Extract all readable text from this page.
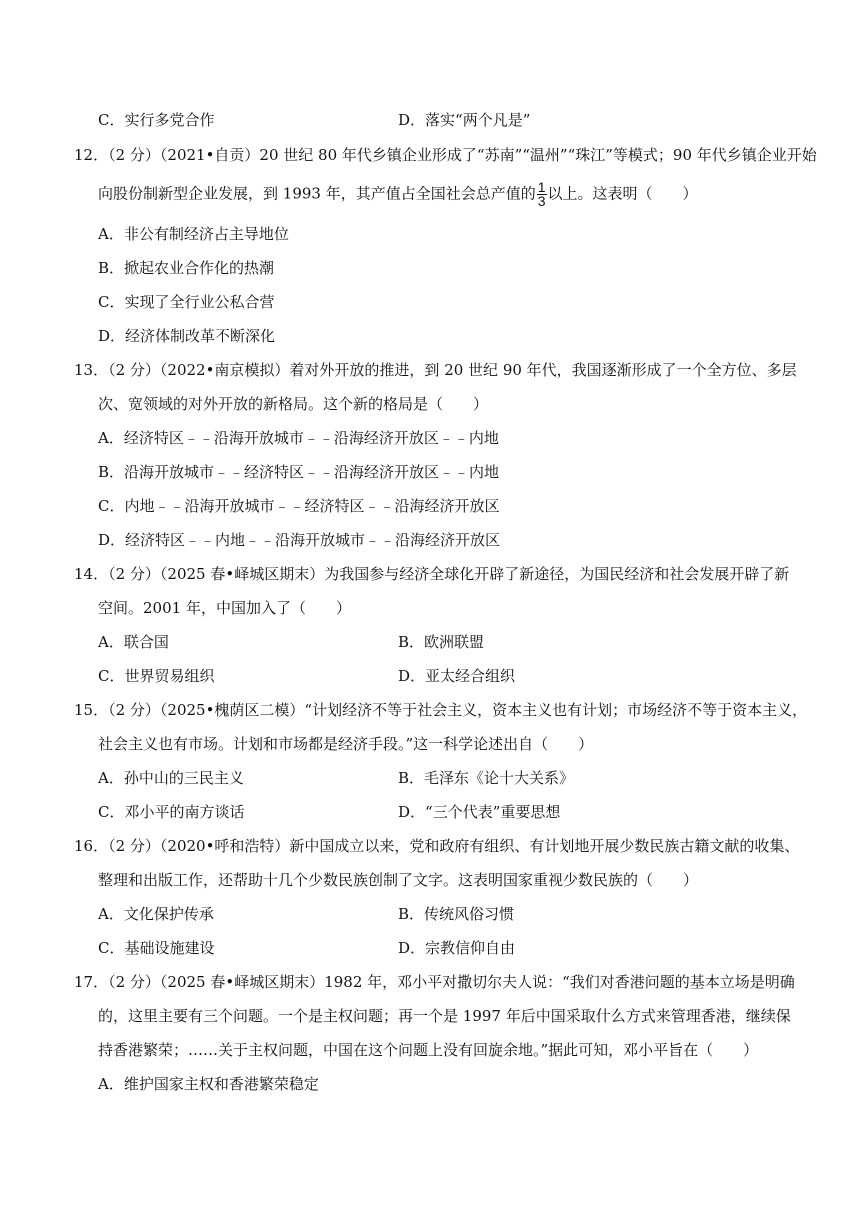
C．实行多党合作	D．落实“两个凡是”
12．（2 分）（2021•自贡）20 世纪 80 年代乡镇企业形成了“苏南”“温州”“珠江”等模式；90 年代乡镇企业开始
向股份制新型企业发展，到 1993 年，其产值占全国社会总产值的 $\frac{1}{3}$ 以上。这表明（　　）
A．非公有制经济占主导地位
B．掀起农业合作化的热潮
C．实现了全行业公私合营
D．经济体制改革不断深化
13．（2 分）（2022•南京模拟）着对外开放的推进，到 20 世纪 90 年代，我国逐渐形成了一个全方位、多层
次、宽领域的对外开放的新格局。这个新的格局是（　　）
A．经济特区﹣﹣沿海开放城市﹣﹣沿海经济开放区﹣﹣内地
B．沿海开放城市﹣﹣经济特区﹣﹣沿海经济开放区﹣﹣内地
C．内地﹣﹣沿海开放城市﹣﹣经济特区﹣﹣沿海经济开放区
D．经济特区﹣﹣内地﹣﹣沿海开放城市﹣﹣沿海经济开放区
14．（2 分）（2025 春•峄城区期末）为我国参与经济全球化开辟了新途径，为国民经济和社会发展开辟了新
空间。2001 年，中国加入了（　　）
A．联合国	B．欧洲联盟
C．世界贸易组织	D．亚太经合组织
15．（2 分）（2025•槐荫区二模）“计划经济不等于社会主义，资本主义也有计划；市场经济不等于资本主义，
社会主义也有市场。计划和市场都是经济手段。”这一科学论述出自（　　）
A．孙中山的三民主义	B．毛泽东《论十大关系》
C．邓小平的南方谈话	D．“三个代表”重要思想
16．（2 分）（2020•呼和浩特）新中国成立以来，党和政府有组织、有计划地开展少数民族古籍文献的收集、
整理和出版工作，还帮助十几个少数民族创制了文字。这表明国家重视少数民族的（　　）
A．文化保护传承	B．传统风俗习惯
C．基础设施建设	D．宗教信仰自由
17．（2 分）（2025 春•峄城区期末）1982 年，邓小平对撒切尔夫人说：“我们对香港问题的基本立场是明确
的，这里主要有三个问题。一个是主权问题；再一个是 1997 年后中国采取什么方式来管理香港，继续保
持香港繁荣；……关于主权问题，中国在这个问题上没有回旋余地。”据此可知，邓小平旨在（　　）
A．维护国家主权和香港繁荣稳定
